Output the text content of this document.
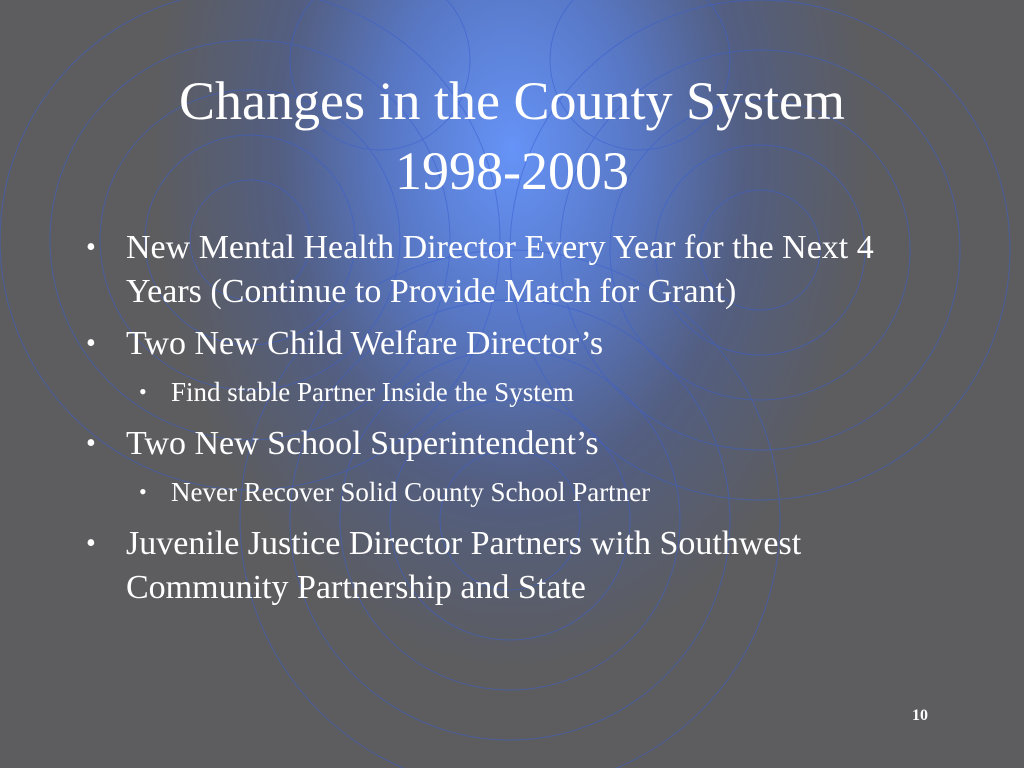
Changes in the County System
1998-2003

• New Mental Health Director Every Year for the Next 4 Years (Continue to Provide Match for Grant)

• Two New Child Welfare Director’s

• Find stable Partner Inside the System

• Two New School Superintendent’s

• Never Recover Solid County School Partner

• Juvenile Justice Director Partners with Southwest Community Partnership and State

10
